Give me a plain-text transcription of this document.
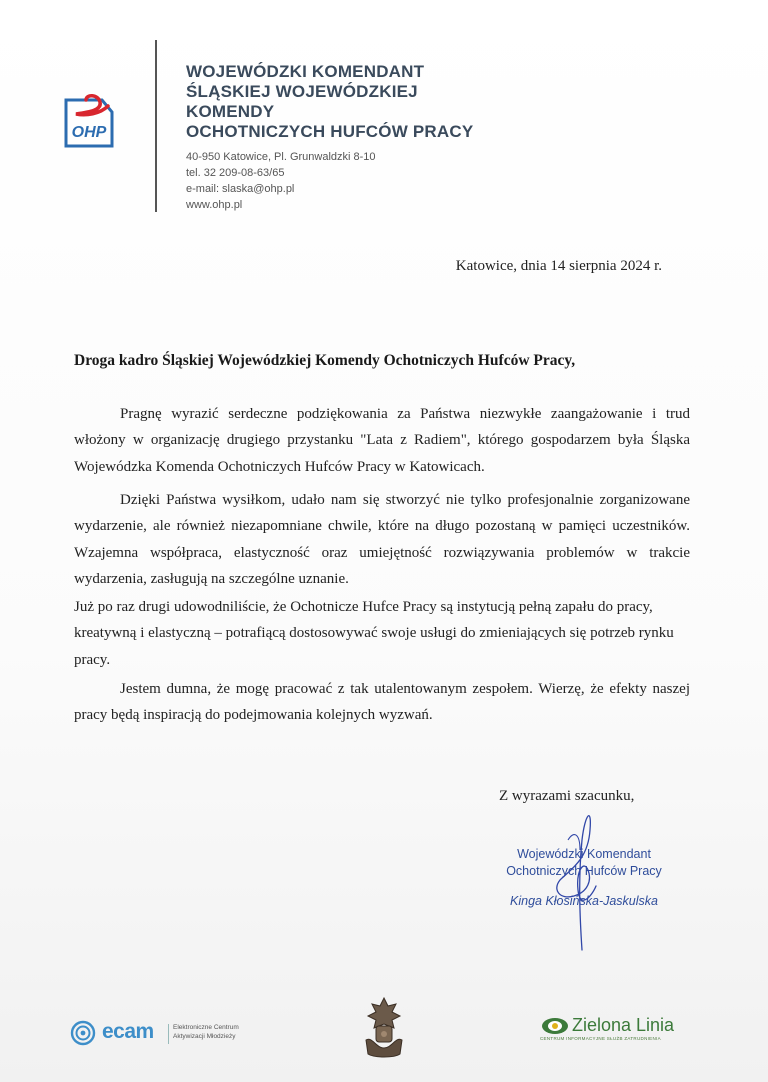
OHP
WOJEWÓDZKI KOMENDANT
ŚLĄSKIEJ WOJEWÓDZKIEJ
KOMENDY
OCHOTNICZYCH HUFCÓW PRACY
40-950 Katowice, Pl. Grunwaldzki 8-10
tel. 32 209-08-63/65
e-mail: slaska@ohp.pl
www.ohp.pl
Katowice, dnia 14 sierpnia 2024 r.
Droga kadro Śląskiej Wojewódzkiej Komendy Ochotniczych Hufców Pracy,
Pragnę wyrazić serdeczne podziękowania za Państwa niezwykłe zaangażowanie i trud włożony w organizację drugiego przystanku "Lata z Radiem", którego gospodarzem była Śląska Wojewódzka Komenda Ochotniczych Hufców Pracy w Katowicach.
Dzięki Państwa wysiłkom, udało nam się stworzyć nie tylko profesjonalnie zorganizowane wydarzenie, ale również niezapomniane chwile, które na długo pozostaną w pamięci uczestników. Wzajemna współpraca, elastyczność oraz umiejętność rozwiązywania problemów w trakcie wydarzenia, zasługują na szczególne uznanie.
Już po raz drugi udowodniliście, że Ochotnicze Hufce Pracy są instytucją pełną zapału do pracy, kreatywną i elastyczną – potrafiącą dostosowywać swoje usługi do zmieniających się potrzeb rynku pracy.
Jestem dumna, że mogę pracować z tak utalentowanym zespołem. Wierzę, że efekty naszej pracy będą inspiracją do podejmowania kolejnych wyzwań.
Z wyrazami szacunku,
Wojewódzki Komendant
Ochotniczych Hufców Pracy
Kinga Kłosińska-Jaskulska
ecam	Elektroniczne Centrum
Aktywizacji Młodzieży
Zielona Linia
CENTRUM INFORMACYJNE SŁUŻB ZATRUDNIENIA
